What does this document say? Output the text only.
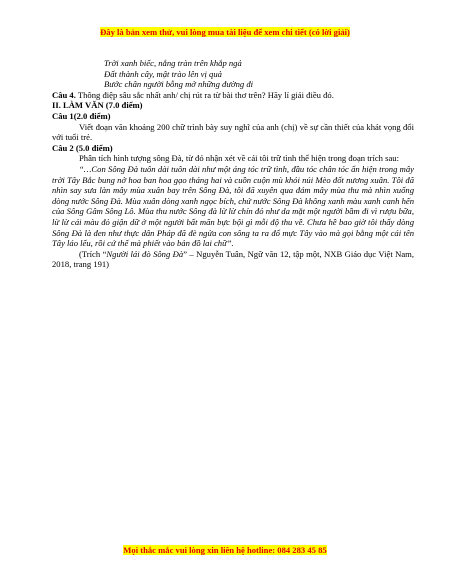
Đây là bản xem thử, vui lòng mua tài liệu để xem chi tiết (có lời giải)
Trời xanh biếc, nắng tràn trên khắp ngả
Đất thành cây, mật trào lên vị quả
Bước chân người bỗng mở những đường đi

Câu 4. Thông điệp sâu sắc nhất anh/ chị rút ra từ bài thơ trên? Hãy lí giải điều đó.

II. LÀM VĂN (7.0 điểm)

Câu 1(2.0 điểm)

Viết đoạn văn khoảng 200 chữ trình bày suy nghĩ của anh (chị) về sự cần thiết của khát vọng đổi với tuổi trẻ.

Câu 2 (5.0 điểm)

Phân tích hình tượng sông Đà, từ đó nhận xét về cái tôi trữ tình thể hiện trong đoạn trích sau:

“…Con Sông Đà tuôn dài tuôn dài như một áng tóc trữ tình, đầu tóc chân tóc ẩn hiện trong mây trời Tây Bắc bung nở hoa ban hoa gạo tháng hai và cuồn cuộn mù khói núi Mèo đốt nương xuân. Tôi đã nhìn say sưa làn mây mùa xuân bay trên Sông Đà, tôi đã xuyên qua đám mây mùa thu mà nhìn xuống dòng nước Sông Đà. Mùa xuân dòng xanh ngọc bích, chứ nước Sông Đà không xanh màu xanh canh hến của Sông Gâm Sông Lô. Mùa thu nước Sông đà lừ lừ chín đỏ như da mặt một người bầm đi vì rượu bữa, lừ lừ cái màu đỏ giận dữ ở một người bất mãn bực bội gì mỗi độ thu về. Chưa hề bao giờ tôi thấy dòng Sông Đà là đen như thực dân Pháp đã đè ngửa con sông ta ra đổ mực Tây vào mà gọi bằng một cái tên Tây láo lếu, rồi cứ thế mà phiết vào bản đồ lai chữ”.

(Trích “Người lái đò Sông Đà” – Nguyễn Tuân, Ngữ văn 12, tập một, NXB Giáo dục Việt Nam, 2018, trang 191)

Mọi thắc mắc vui lòng xin liên hệ hotline: 084 283 45 85
